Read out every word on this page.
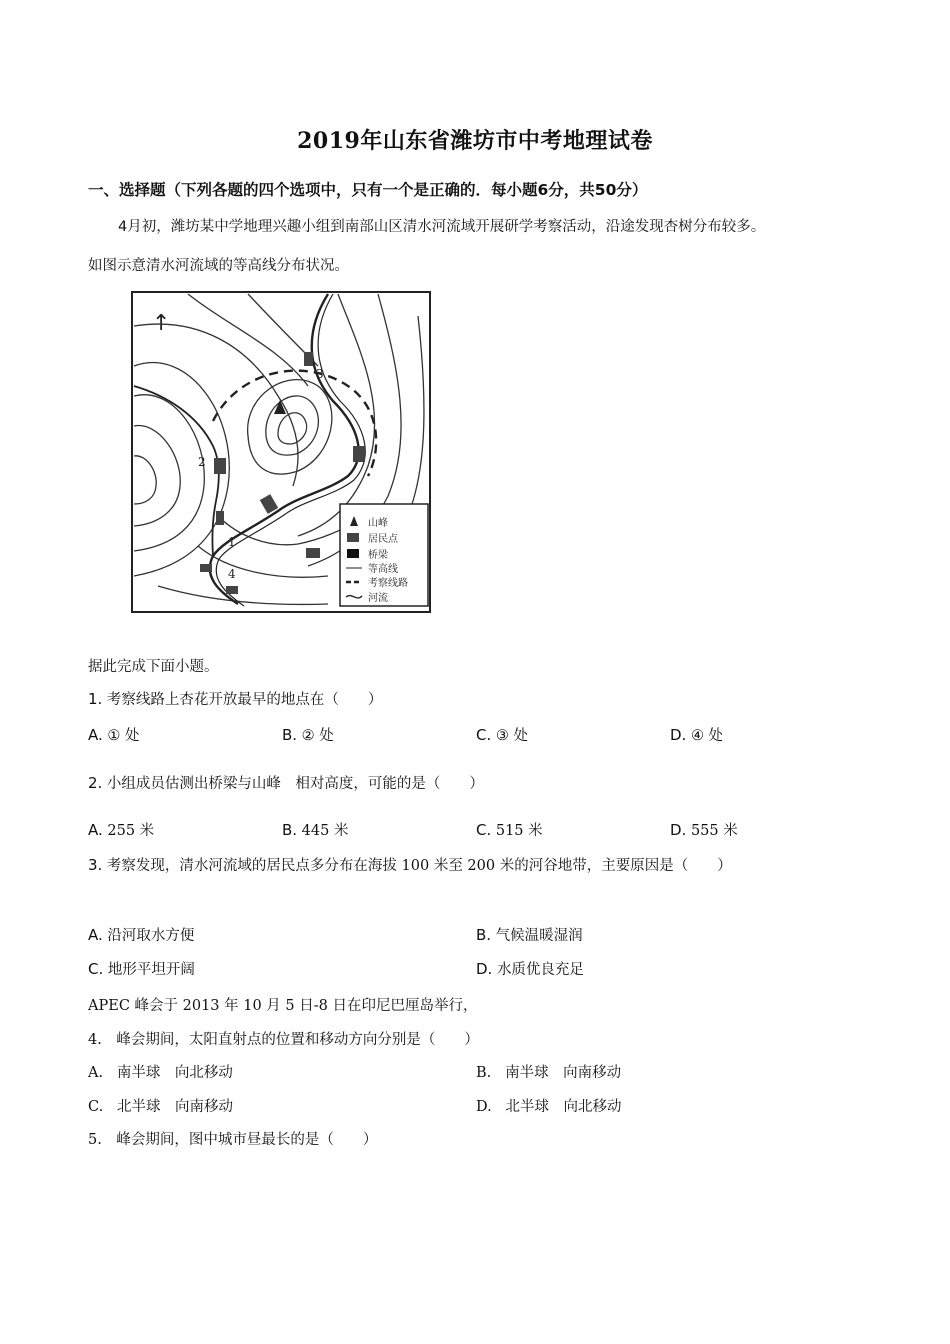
2019年山东省潍坊市中考地理试卷
一、选择题（下列各题的四个选项中，只有一个是正确的．每小题6分，共50分）
4月初，潍坊某中学地理兴趣小组到南部山区清水河流域开展研学考察活动，沿途发现杏树分布较多。
如图示意清水河流域的等高线分布状况。
↑
3
2
1
4
山峰
居民点
桥梁
等高线
考察线路
河流
据此完成下面小题。
1. 考察线路上杏花开放最早的地点在（　　）
A. ① 处	B. ② 处	C. ③ 处	D. ④ 处
2. 小组成员估测出桥梁与山峰　相对高度，可能的是（　　）
A. 255 米	B. 445 米	C. 515 米	D. 555 米
3. 考察发现，清水河流域的居民点多分布在海拔 100 米至 200 米的河谷地带，主要原因是（　　）
A. 沿河取水方便	B. 气候温暖湿润
C. 地形平坦开阔	D. 水质优良充足
APEC 峰会于 2013 年 10 月 5 日-8 日在印尼巴厘岛举行，
4.　峰会期间，太阳直射点的位置和移动方向分别是（　　）
A. 南半球　向北移动	B. 南半球　向南移动
C. 北半球　向南移动	D. 北半球　向北移动
5.　峰会期间，图中城市昼最长的是（　　）
